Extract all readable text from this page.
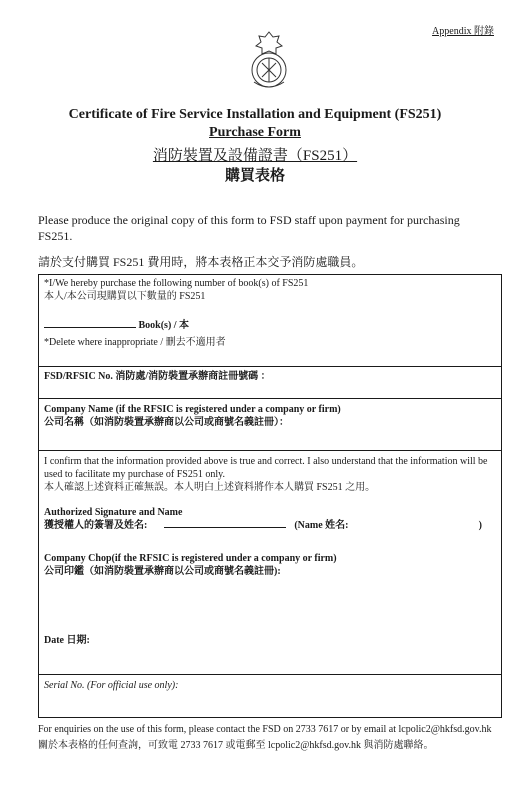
Appendix 附錄
Certificate of Fire Service Installation and Equipment (FS251)
Purchase Form
消防裝置及設備證書（FS251）
購買表格
Please produce the original copy of this form to FSD staff upon payment for purchasing FS251.
請於支付購買 FS251 費用時，將本表格正本交予消防處職員。
*I/We hereby purchase the following number of book(s) of FS251
本人/本公司現購買以下數量的 FS251
Book(s) / 本
*Delete where inappropriate / 刪去不適用者
FSD/RFSIC No. 消防處/消防裝置承辦商註冊號碼 ：
Company Name (if the RFSIC is registered under a company or firm)
公司名稱（如消防裝置承辦商以公司或商號名義註冊）：
I confirm that the information provided above is true and correct. I also understand that the information will be used to facilitate my purchase of FS251 only.
本人確認上述資料正確無誤。本人明白上述資料將作本人購買 FS251 之用。
Authorized Signature and Name
獲授權人的簽署及姓名:	(Name 姓名:	)
Company Chop(if the RFSIC is registered under a company or firm)
公司印鑑（如消防裝置承辦商以公司或商號名義註冊):
Date 日期:
Serial No. (For official use only):
For enquiries on the use of this form, please contact the FSD on 2733 7617 or by email at lcpolic2@hkfsd.gov.hk
關於本表格的任何查詢，可致電 2733 7617 或電郵至 lcpolic2@hkfsd.gov.hk 與消防處聯絡。
